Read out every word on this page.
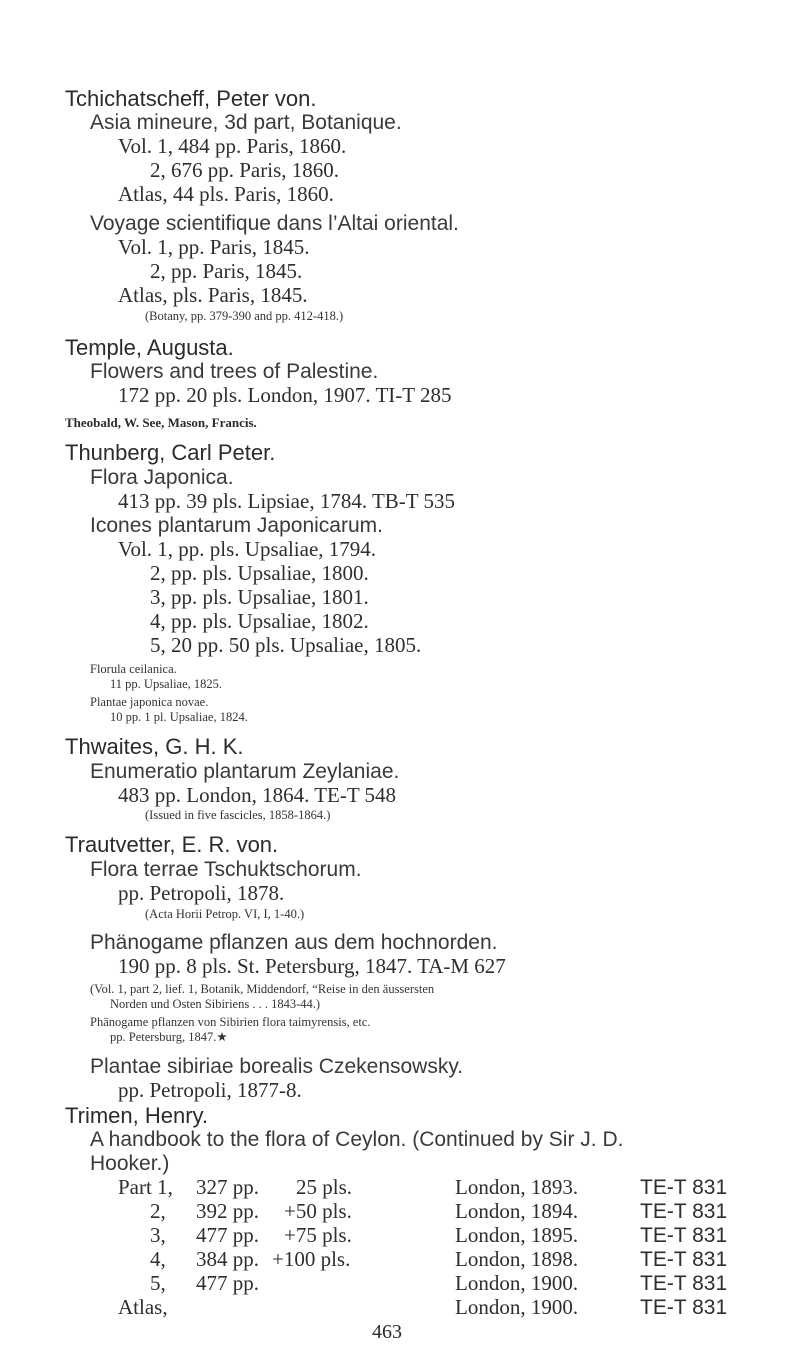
Tchichatscheff, Peter von.
Asia mineure, 3d part, Botanique.
Vol. 1, 484 pp. Paris, 1860.
2, 676 pp. Paris, 1860.
Atlas, 44 pls. Paris, 1860.
Voyage scientifique dans l’Altai oriental.
Vol. 1, pp. Paris, 1845.
2, pp. Paris, 1845.
Atlas, pls. Paris, 1845.
(Botany, pp. 379-390 and pp. 412-418.)
Temple, Augusta.
Flowers and trees of Palestine.
172 pp. 20 pls. London, 1907. TI-T 285
Theobald, W. See, Mason, Francis.
Thunberg, Carl Peter.
Flora Japonica.
413 pp. 39 pls. Lipsiae, 1784. TB-T 535
Icones plantarum Japonicarum.
Vol. 1, pp. pls. Upsaliae, 1794.
2, pp. pls. Upsaliae, 1800.
3, pp. pls. Upsaliae, 1801.
4, pp. pls. Upsaliae, 1802.
5, 20 pp. 50 pls. Upsaliae, 1805.
Florula ceilanica.
11 pp. Upsaliae, 1825.
Plantae japonica novae.
10 pp. 1 pl. Upsaliae, 1824.
Thwaites, G. H. K.
Enumeratio plantarum Zeylaniae.
483 pp. London, 1864. TE-T 548
(Issued in five fascicles, 1858-1864.)
Trautvetter, E. R. von.
Flora terrae Tschuktschorum.
pp. Petropoli, 1878.
(Acta Horii Petrop. VI, I, 1-40.)
Phänogame pflanzen aus dem hochnorden.
190 pp. 8 pls. St. Petersburg, 1847. TA-M 627
(Vol. 1, part 2, lief. 1, Botanik, Middendorf, “Reise in den äussersten
Norden und Osten Sibiriens . . . 1843-44.)
Phänogame pflanzen von Sibirien flora taimyrensis, etc.
pp. Petersburg, 1847.★
Plantae sibiriae borealis Czekensowsky.
pp. Petropoli, 1877-8.
Trimen, Henry.
A handbook to the flora of Ceylon. (Continued by Sir J. D.
Hooker.)
Part 1, 327 pp. 25 pls.	London, 1893.	TE-T 831
2, 392 pp. +50 pls.	London, 1894.	TE-T 831
3, 477 pp. +75 pls.	London, 1895.	TE-T 831
4, 384 pp. +100 pls.	London, 1898.	TE-T 831
5, 477 pp.	London, 1900.	TE-T 831
Atlas,	London, 1900.	TE-T 831
463
